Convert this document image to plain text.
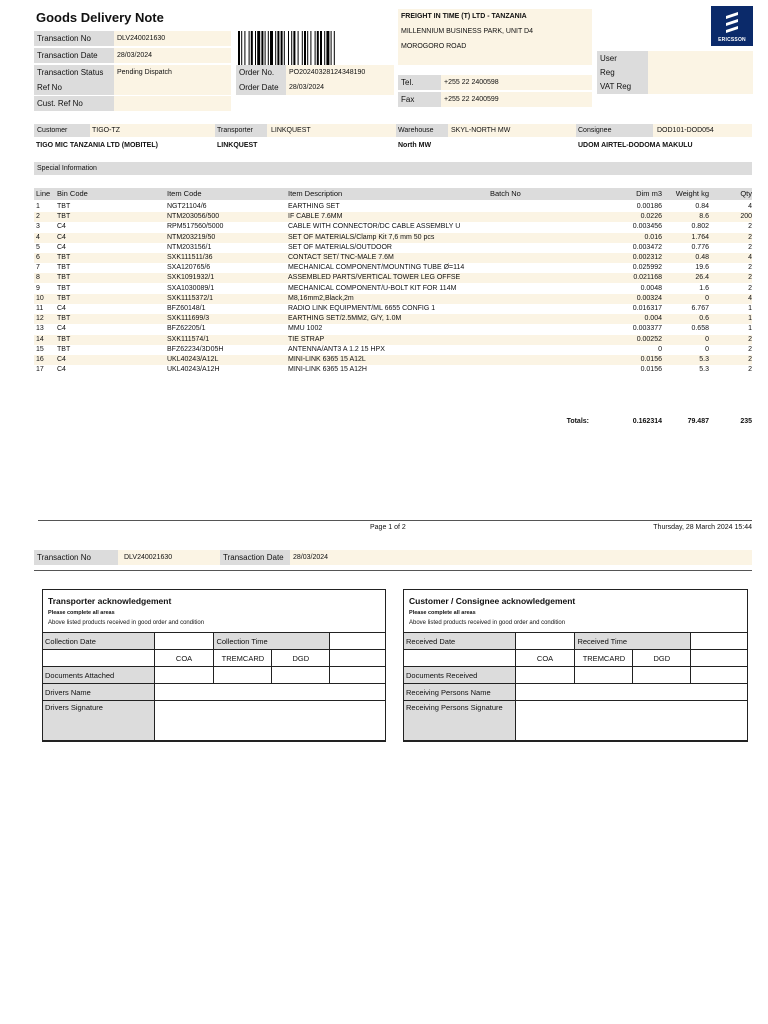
Goods Delivery Note
Transaction No	DLV240021630
Transaction Date	28/03/2024
Transaction Status	Pending Dispatch
Ref No
Cust. Ref No
Order No.	PO20240328124348190
Order Date	28/03/2024
FREIGHT IN TIME (T) LTD - TANZANIA
MILLENNIUM BUSINESS PARK, UNIT D4
MOROGORO ROAD
Tel.	+255 22 2400598
Fax	+255 22 2400599
ERICSSON
User
Reg
VAT Reg
Customer	TIGO-TZ	Transporter	LINKQUEST	Warehouse	SKYL-NORTH MW	Consignee	DOD101-DOD054
TIGO MIC TANZANIA LTD (MOBITEL)	LINKQUEST	North MW	UDOM AIRTEL-DODOMA MAKULU
Special Information
Line Bin Code	Item Code	Item Description	Batch No	Dim m3	Weight kg	Qty
1	TBT	NGT21104/6	EARTHING SET	0.00186	0.84	4
2	TBT	NTM203056/500	IF CABLE 7.6MM	0.0226	8.6	200
3	C4	RPM517560/5000	CABLE WITH CONNECTOR/DC CABLE ASSEMBLY U	0.003456	0.802	2
4	C4	NTM203219/50	SET OF MATERIALS/Clamp Kit 7,6 mm 50 pcs	0.016	1.764	2
5	C4	NTM203156/1	SET OF MATERIALS/OUTDOOR	0.003472	0.776	2
6	TBT	SXK111511/36	CONTACT SET/ TNC-MALE 7.6M	0.002312	0.48	4
7	TBT	SXA120765/6	MECHANICAL COMPONENT/MOUNTING TUBE Ø=114	0.025992	19.6	2
8	TBT	SXK1091932/1	ASSEMBLED PARTS/VERTICAL TOWER LEG OFFSE	0.021168	26.4	2
9	TBT	SXA1030089/1	MECHANICAL COMPONENT/U-BOLT KIT FOR 114M	0.0048	1.6	2
10	TBT	SXK1115372/1	M8,16mm2,Black,2m	0.00324	0	4
11	C4	BFZ60148/1	RADIO LINK EQUIPMENT/ML 6655 CONFIG 1	0.016317	6.767	1
12	TBT	SXK111699/3	EARTHING SET/2.5MM2, G/Y, 1.0M	0.004	0.6	1
13	C4	BFZ62205/1	MMU 1002	0.003377	0.658	1
14	TBT	SXK111574/1	TIE STRAP	0.00252	0	2
15	TBT	BFZ62234/3D05H	ANTENNA/ANT3 A 1.2 15 HPX	0	0	2
16	C4	UKL40243/A12L	MINI-LINK 6365 15 A12L	0.0156	5.3	2
17	C4	UKL40243/A12H	MINI-LINK 6365 15 A12H	0.0156	5.3	2
Totals:	0.162314	79.487	235
Page 1 of 2	Thursday, 28 March 2024 15:44
Transaction No	DLV240021630	Transaction Date	28/03/2024
Transporter acknowledgement
Please complete all areas
Above listed products received in good order and condition
Collection Date		Collection Time		
	COA	TREMCARD	DGD	
Documents Attached				
Drivers Name				
Drivers Signature				
Customer / Consignee acknowledgement
Please complete all areas
Above listed products received in good order and condition
Received Date		Received Time		
	COA	TREMCARD	DGD	
Documents Received				
Receiving Persons Name				
Receiving Persons Signature				
